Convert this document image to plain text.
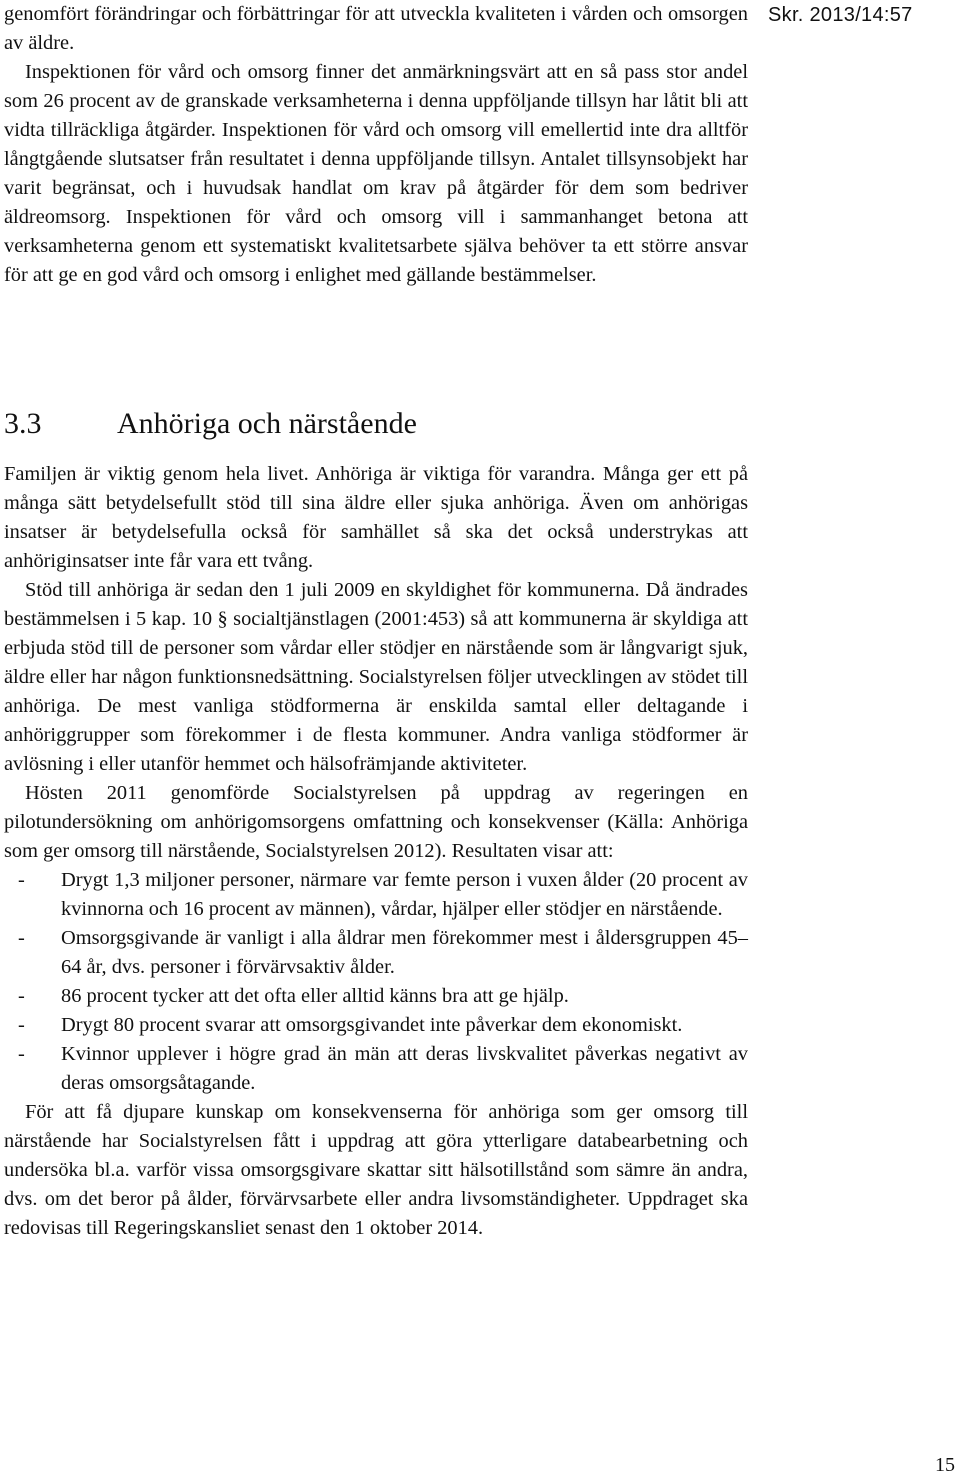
Skr. 2013/14:57

genomfört förändringar och förbättringar för att utveckla kvaliteten i vården och omsorgen av äldre.

Inspektionen för vård och omsorg finner det anmärkningsvärt att en så pass stor andel som 26 procent av de granskade verksamheterna i denna uppföljande tillsyn har låtit bli att vidta tillräckliga åtgärder. Inspektionen för vård och omsorg vill emellertid inte dra alltför långtgående slutsatser från resultatet i denna uppföljande tillsyn. Antalet tillsynsobjekt har varit begränsat, och i huvudsak handlat om krav på åtgärder för dem som bedriver äldreomsorg. Inspektionen för vård och omsorg vill i sammanhanget betona att verksamheterna genom ett systematiskt kvalitetsarbete själva behöver ta ett större ansvar för att ge en god vård och omsorg i enlighet med gällande bestämmelser.

3.3	Anhöriga och närstående

Familjen är viktig genom hela livet. Anhöriga är viktiga för varandra. Många ger ett på många sätt betydelsefullt stöd till sina äldre eller sjuka anhöriga. Även om anhörigas insatser är betydelsefulla också för samhället så ska det också understrykas att anhöriginsatser inte får vara ett tvång.

Stöd till anhöriga är sedan den 1 juli 2009 en skyldighet för kommunerna. Då ändrades bestämmelsen i 5 kap. 10 § socialtjänstlagen (2001:453) så att kommunerna är skyldiga att erbjuda stöd till de personer som vårdar eller stödjer en närstående som är långvarigt sjuk, äldre eller har någon funktionsnedsättning. Socialstyrelsen följer utvecklingen av stödet till anhöriga. De mest vanliga stödformerna är enskilda samtal eller deltagande i anhöriggrupper som förekommer i de flesta kommuner. Andra vanliga stödformer är avlösning i eller utanför hemmet och hälsofrämjande aktiviteter.

Hösten 2011 genomförde Socialstyrelsen på uppdrag av regeringen en pilotundersökning om anhörigomsorgens omfattning och konsekvenser (Källa: Anhöriga som ger omsorg till närstående, Socialstyrelsen 2012). Resultaten visar att:

- Drygt 1,3 miljoner personer, närmare var femte person i vuxen ålder (20 procent av kvinnorna och 16 procent av männen), vårdar, hjälper eller stödjer en närstående.
- Omsorgsgivande är vanligt i alla åldrar men förekommer mest i åldersgruppen 45–64 år, dvs. personer i förvärvsaktiv ålder.
- 86 procent tycker att det ofta eller alltid känns bra att ge hjälp.
- Drygt 80 procent svarar att omsorgsgivandet inte påverkar dem ekonomiskt.
- Kvinnor upplever i högre grad än män att deras livskvalitet påverkas negativt av deras omsorgsåtagande.

För att få djupare kunskap om konsekvenserna för anhöriga som ger omsorg till närstående har Socialstyrelsen fått i uppdrag att göra ytterligare databearbetning och undersöka bl.a. varför vissa omsorgsgivare skattar sitt hälsotillstånd som sämre än andra, dvs. om det beror på ålder, förvärvsarbete eller andra livsomständigheter. Uppdraget ska redovisas till Regeringskansliet senast den 1 oktober 2014.

15
